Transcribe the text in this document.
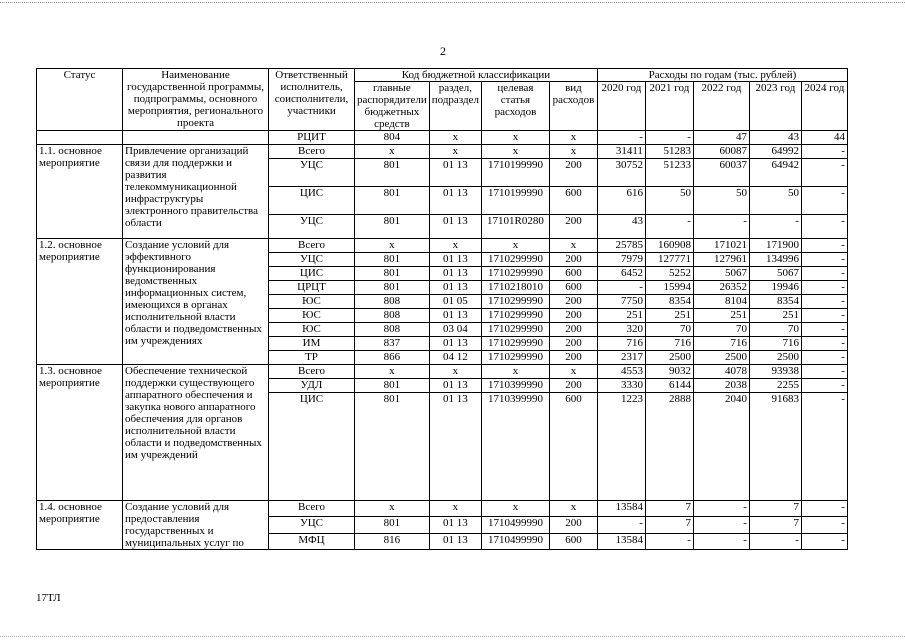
2
Статус	Наименование государственной программы, подпрограммы, основного мероприятия, регионального проекта	Ответственный исполнитель, соисполнители, участники	Код бюджетной классификации				Расходы по годам (тыс. рублей)				
			главные распорядители бюджетных средств	раздел, подраздел	целевая статья расходов	вид расходов	2020 год	2021 год	2022 год	2023 год	2024 год
		РЦИТ	804	х	х	х	-	-	47	43	44
1.1. основное мероприятие	Привлечение организаций связи для поддержки и развития телекоммуникационной инфраструктуры электронного правительства области	Всего	х	х	х	х	31411	51283	60087	64992	-
		УЦС	801	01 13	1710199990	200	30752	51233	60037	64942	-
		ЦИС	801	01 13	1710199990	600	616	50	50	50	-
		УЦС	801	01 13	17101R0280	200	43	-	-	-	-
1.2. основное мероприятие	Создание условий для эффективного функционирования ведомственных информационных систем, имеющихся в органах исполнительной власти области и подведомственных им учреждениях	Всего	х	х	х	х	25785	160908	171021	171900	-
		УЦС	801	01 13	1710299990	200	7979	127771	127961	134996	-
		ЦИС	801	01 13	1710299990	600	6452	5252	5067	5067	-
		ЦРЦТ	801	01 13	1710218010	600	-	15994	26352	19946	-
		ЮС	808	01 05	1710299990	200	7750	8354	8104	8354	-
		ЮС	808	01 13	1710299990	200	251	251	251	251	-
		ЮС	808	03 04	1710299990	200	320	70	70	70	-
		ИМ	837	01 13	1710299990	200	716	716	716	716	-
		ТР	866	04 12	1710299990	200	2317	2500	2500	2500	-
1.3. основное мероприятие	Обеспечение технической поддержки существующего аппаратного обеспечения и закупка нового аппаратного обеспечения для органов исполнительной власти области и подведомственных им учреждений	Всего	х	х	х	х	4553	9032	4078	93938	-
		УДЛ	801	01 13	1710399990	200	3330	6144	2038	2255	-
		ЦИС	801	01 13	1710399990	600	1223	2888	2040	91683	-
1.4. основное мероприятие	Создание условий для предоставления государственных и муниципальных услуг по	Всего	х	х	х	х	13584	7	-	7	-
		УЦС	801	01 13	1710499990	200	-	7	-	7	-
		МФЦ	816	01 13	1710499990	600	13584	-	-	-	-
17ТЛ
